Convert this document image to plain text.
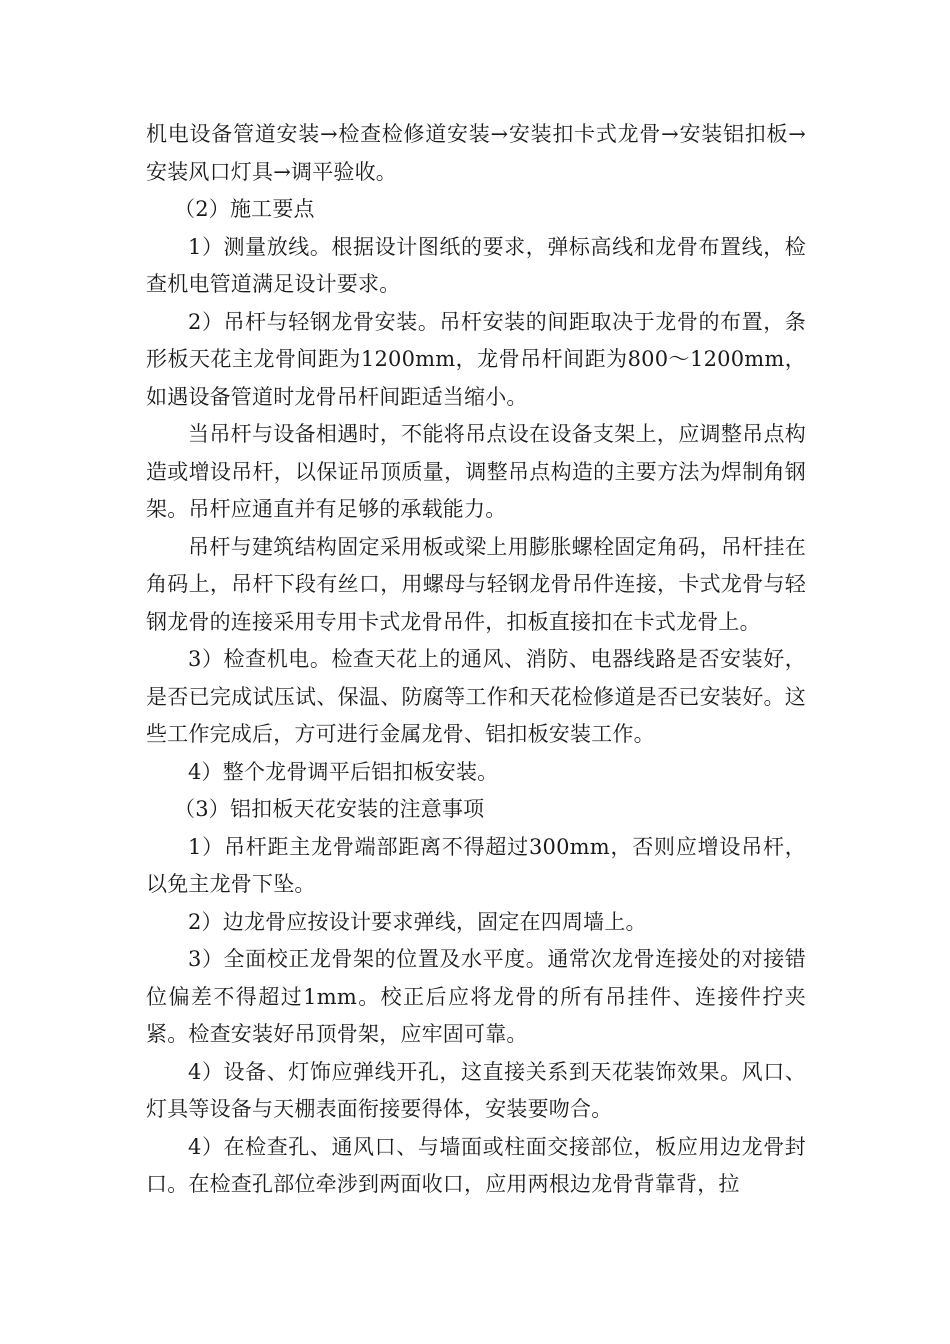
机电设备管道安装→检查检修道安装→安装扣卡式龙骨→安装铝扣板→安装风口灯具→调平验收。

（2）施工要点

1）测量放线。根据设计图纸的要求，弹标高线和龙骨布置线，检查机电管道满足设计要求。

2）吊杆与轻钢龙骨安装。吊杆安装的间距取决于龙骨的布置，条形板天花主龙骨间距为1200mm，龙骨吊杆间距为800～1200mm，如遇设备管道时龙骨吊杆间距适当缩小。

当吊杆与设备相遇时，不能将吊点设在设备支架上，应调整吊点构造或增设吊杆，以保证吊顶质量，调整吊点构造的主要方法为焊制角钢架。吊杆应通直并有足够的承载能力。

吊杆与建筑结构固定采用板或梁上用膨胀螺栓固定角码，吊杆挂在角码上，吊杆下段有丝口，用螺母与轻钢龙骨吊件连接，卡式龙骨与轻钢龙骨的连接采用专用卡式龙骨吊件，扣板直接扣在卡式龙骨上。

3）检查机电。检查天花上的通风、消防、电器线路是否安装好，是否已完成试压试、保温、防腐等工作和天花检修道是否已安装好。这些工作完成后，方可进行金属龙骨、铝扣板安装工作。

4）整个龙骨调平后铝扣板安装。

（3）铝扣板天花安装的注意事项

1）吊杆距主龙骨端部距离不得超过300mm，否则应增设吊杆，以免主龙骨下坠。

2）边龙骨应按设计要求弹线，固定在四周墙上。

3）全面校正龙骨架的位置及水平度。通常次龙骨连接处的对接错位偏差不得超过1mm。校正后应将龙骨的所有吊挂件、连接件拧夹紧。检查安装好吊顶骨架，应牢固可靠。

4）设备、灯饰应弹线开孔，这直接关系到天花装饰效果。风口、灯具等设备与天棚表面衔接要得体，安装要吻合。

4）在检查孔、通风口、与墙面或柱面交接部位，板应用边龙骨封口。在检查孔部位牵涉到两面收口，应用两根边龙骨背靠背，拉
